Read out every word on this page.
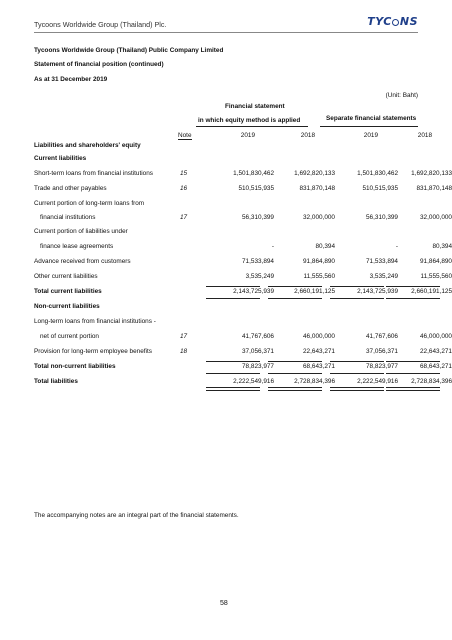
Tycoons Worldwide Group (Thailand) Plc.	TYC NS
Tycoons Worldwide Group (Thailand) Public Company Limited
Statement of financial position (continued)
As at 31 December 2019
(Unit: Baht)
Financial statement
in which equity method is applied	Separate financial statements
Liabilities and shareholders' equity
Note	2019	2018	2019	2018
Current liabilities
Short-term loans from financial institutions	15	1,501,830,462	1,692,820,133	1,501,830,462	1,692,820,133
Trade and other payables	16	510,515,935	831,870,148	510,515,935	831,870,148
Current portion of long-term loans from
financial institutions	17	56,310,399	32,000,000	56,310,399	32,000,000
Current portion of liabilities under
finance lease agreements	-	80,394	-	80,394
Advance received from customers	71,533,894	91,864,890	71,533,894	91,864,890
Other current liabilities	3,535,249	11,555,560	3,535,249	11,555,560
Total current liabilities	2,143,725,939	2,660,191,125	2,143,725,939	2,660,191,125
Non-current liabilities
Long-term loans from financial institutions -
net of current portion	17	41,767,606	46,000,000	41,767,606	46,000,000
Provision for long-term employee benefits	18	37,056,371	22,643,271	37,056,371	22,643,271
Total non-current liabilities	78,823,977	68,643,271	78,823,977	68,643,271
Total liabilities	2,222,549,916	2,728,834,396	2,222,549,916	2,728,834,396
The accompanying notes are an integral part of the financial statements.
58
